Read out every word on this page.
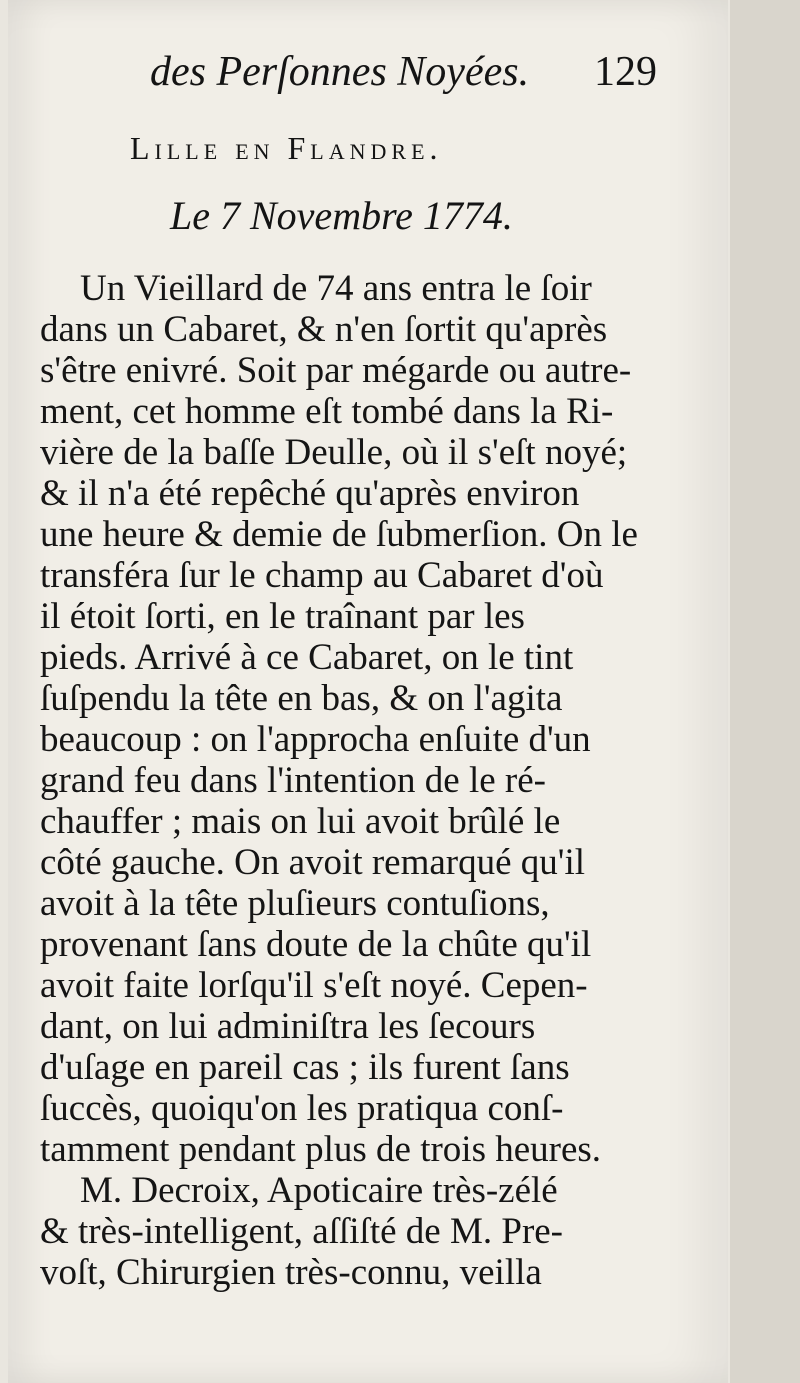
des Perſonnes Noyées. 129
Lille en Flandre.
Le 7 Novembre 1774.
Un Vieillard de 74 ans entra le ſoir
dans un Cabaret, & n'en ſortit qu'après
s'être enivré. Soit par mégarde ou autre-
ment, cet homme eſt tombé dans la Ri-
vière de la baſſe Deulle, où il s'eſt noyé;
& il n'a été repêché qu'après environ
une heure & demie de ſubmerſion. On le
transféra ſur le champ au Cabaret d'où
il étoit ſorti, en le traînant par les
pieds. Arrivé à ce Cabaret, on le tint
ſuſpendu la tête en bas, & on l'agita
beaucoup : on l'approcha enſuite d'un
grand feu dans l'intention de le ré-
chauffer ; mais on lui avoit brûlé le
côté gauche. On avoit remarqué qu'il
avoit à la tête pluſieurs contuſions,
provenant ſans doute de la chûte qu'il
avoit faite lorſqu'il s'eſt noyé. Cepen-
dant, on lui adminiſtra les ſecours
d'uſage en pareil cas ; ils furent ſans
ſuccès, quoiqu'on les pratiqua conſ-
tamment pendant plus de trois heures.
M. Decroix, Apoticaire très-zélé
& très-intelligent, aſſiſté de M. Pre-
voſt, Chirurgien très-connu, veilla
